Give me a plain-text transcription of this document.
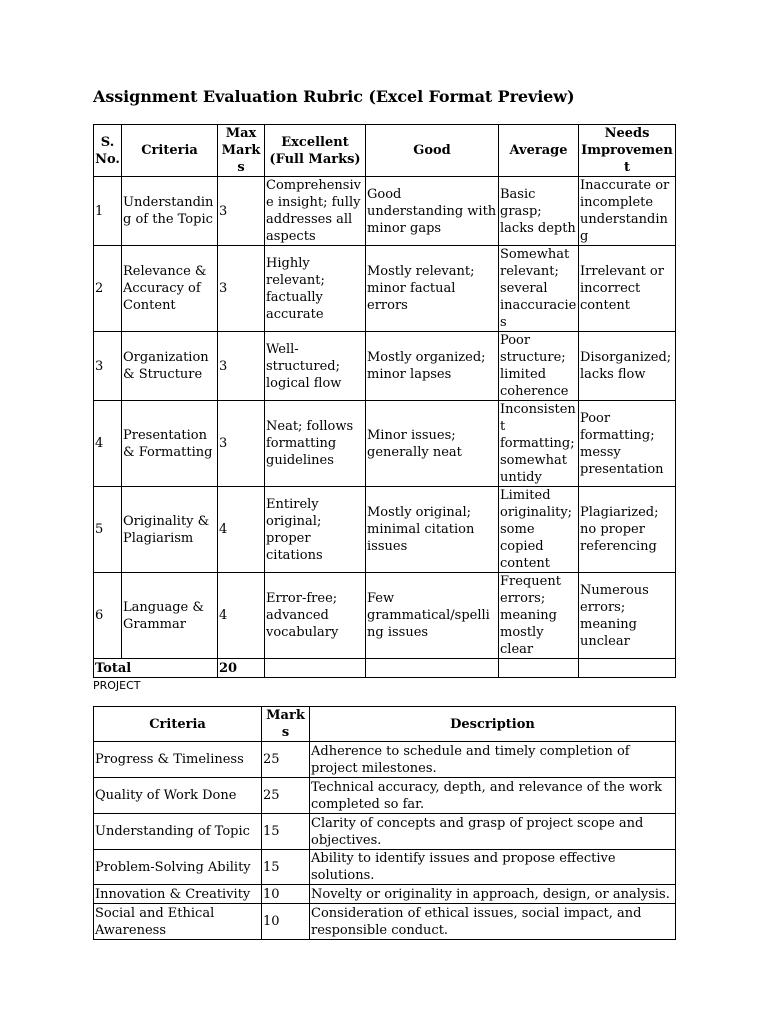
Assignment Evaluation Rubric (Excel Format Preview)
S. No.	Criteria	Max Marks	Excellent (Full Marks)	Good	Average	Needs Improvement
1	Understanding of the Topic	3	Comprehensive insight; fully addresses all aspects	Good understanding with minor gaps	Basic grasp; lacks depth	Inaccurate or incomplete understanding
2	Relevance & Accuracy of Content	3	Highly relevant; factually accurate	Mostly relevant; minor factual errors	Somewhat relevant; several inaccuracies	Irrelevant or incorrect content
3	Organization & Structure	3	Well-structured; logical flow	Mostly organized; minor lapses	Poor structure; limited coherence	Disorganized; lacks flow
4	Presentation & Formatting	3	Neat; follows formatting guidelines	Minor issues; generally neat	Inconsistent formatting; somewhat untidy	Poor formatting; messy presentation
5	Originality & Plagiarism	4	Entirely original; proper citations	Mostly original; minimal citation issues	Limited originality; some copied content	Plagiarized; no proper referencing
6	Language & Grammar	4	Error-free; advanced vocabulary	Few grammatical/spelling issues	Frequent errors; meaning mostly clear	Numerous errors; meaning unclear
Total		20				
PROJECT
Criteria	Marks	Description
Progress & Timeliness	25	Adherence to schedule and timely completion of project milestones.
Quality of Work Done	25	Technical accuracy, depth, and relevance of the work completed so far.
Understanding of Topic	15	Clarity of concepts and grasp of project scope and objectives.
Problem-Solving Ability	15	Ability to identify issues and propose effective solutions.
Innovation & Creativity	10	Novelty or originality in approach, design, or analysis.
Social and Ethical Awareness	10	Consideration of ethical issues, social impact, and responsible conduct.
